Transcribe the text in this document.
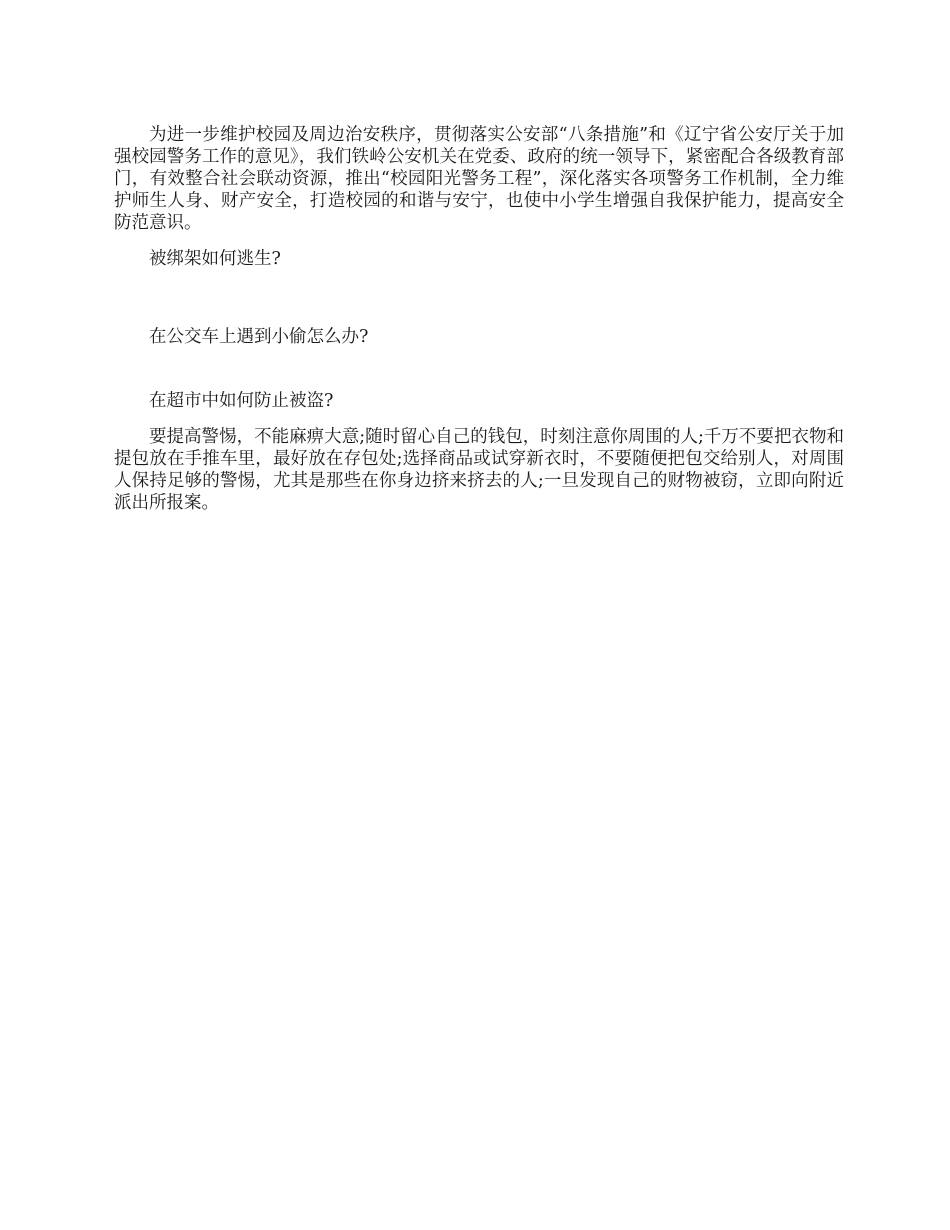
为进一步维护校园及周边治安秩序，贯彻落实公安部“八条措施”和《辽宁省公安厅关于加强校园警务工作的意见》，我们铁岭公安机关在党委、政府的统一领导下，紧密配合各级教育部门，有效整合社会联动资源，推出“校园阳光警务工程”，深化落实各项警务工作机制，全力维护师生人身、财产安全，打造校园的和谐与安宁，也使中小学生增强自我保护能力，提高安全防范意识。

被绑架如何逃生?

在公交车上遇到小偷怎么办?

在超市中如何防止被盗?

要提高警惕，不能麻痹大意;随时留心自己的钱包，时刻注意你周围的人;千万不要把衣物和提包放在手推车里，最好放在存包处;选择商品或试穿新衣时，不要随便把包交给别人，对周围人保持足够的警惕，尤其是那些在你身边挤来挤去的人;一旦发现自己的财物被窃，立即向附近派出所报案。
